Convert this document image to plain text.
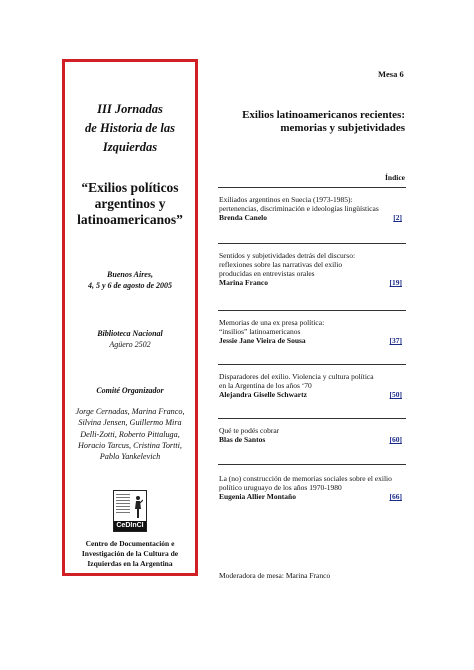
III Jornadas
de Historia de las
Izquierdas
“Exilios políticos
argentinos y
latinoamericanos”
Buenos Aires,
4, 5 y 6 de agosto de 2005
Biblioteca Nacional
Agüero 2502
Comité Organizador
Jorge Cernadas, Marina Franco,
Silvina Jensen, Guillermo Mira
Delli-Zotti, Roberto Pittaluga,
Horacio Tarcus, Cristina Tortti,
Pablo Yankelevich
CeDInCI
Centro de Documentación e
Investigación de la Cultura de
Izquierdas en la Argentina
Mesa 6
Exilios latinoamericanos recientes:
memorias y subjetividades
Índice
Exiliados argentinos en Suecia (1973-1985):
pertenencias, discriminación e ideologías lingüísticas
Brenda Canelo	[2]
Sentidos y subjetividades detrás del discurso:
reflexiones sobre las narrativas del exilio
producidas en entrevistas orales
Marina Franco	[19]
Memorias de una ex presa política:
“insilios” latinoamericanos
Jessie Jane Vieira de Sousa	[37]
Disparadores del exilio. Violencia y cultura política
en la Argentina de los años ‘70
Alejandra Giselle Schwartz	[50]
Qué te podés cobrar
Blas de Santos	[60]
La (no) construcción de memorias sociales sobre el exilio
político uruguayo de los años 1970-1980
Eugenia Allier Montaño	[66]
Moderadora de mesa: Marina Franco
